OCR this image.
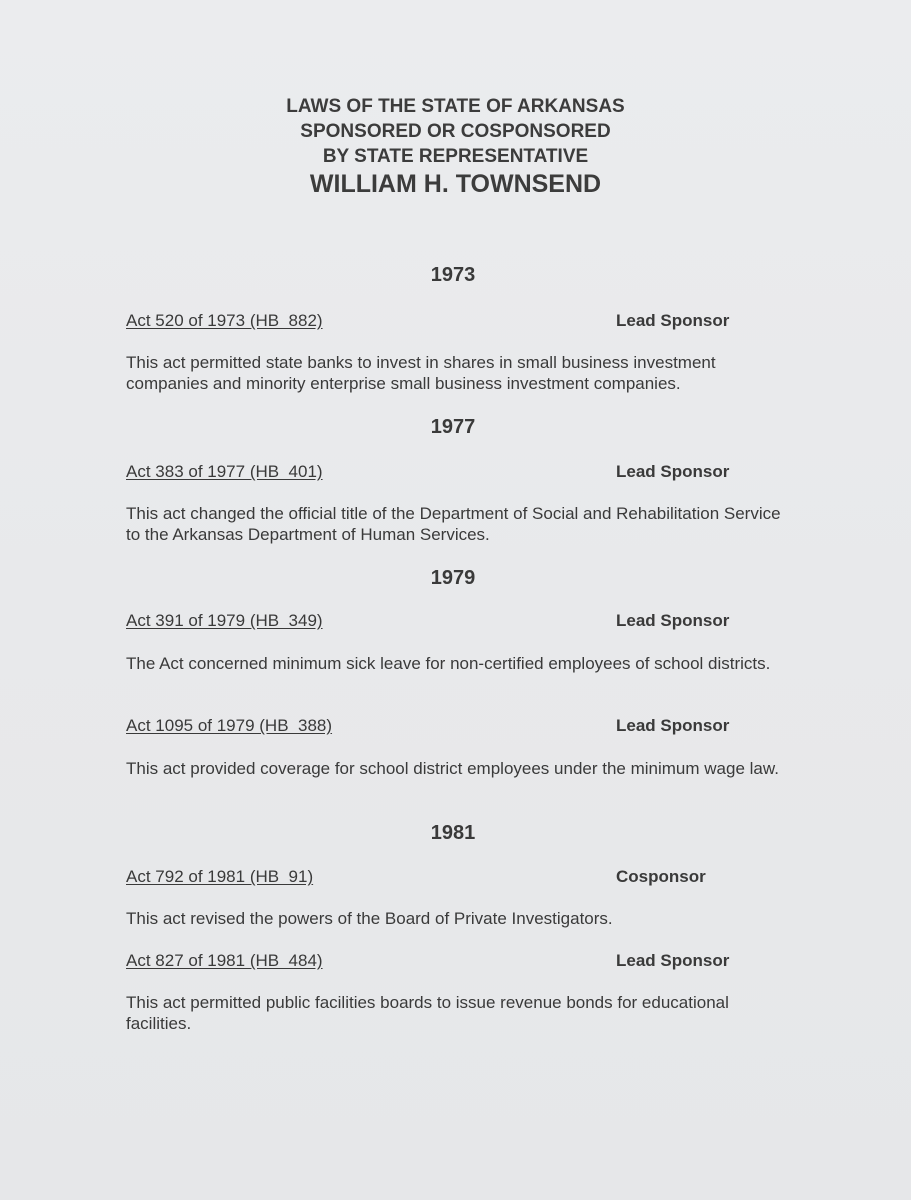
LAWS OF THE STATE OF ARKANSAS
SPONSORED OR COSPONSORED
BY STATE REPRESENTATIVE
WILLIAM H. TOWNSEND
1973
Act 520 of 1973 (HB  882)	Lead Sponsor
This act permitted state banks to invest in shares in small business investment companies and minority enterprise small business investment companies.
1977
Act 383 of 1977 (HB  401)	Lead Sponsor
This act changed the official title of the Department of Social and Rehabilitation Service to the Arkansas Department of Human Services.
1979
Act 391 of 1979 (HB  349)	Lead Sponsor
The Act concerned minimum sick leave for non-certified employees of school districts.
Act 1095 of 1979 (HB  388)	Lead Sponsor
This act provided coverage for school district employees under the minimum wage law.
1981
Act 792 of 1981 (HB  91)	Cosponsor
This act revised the powers of the Board of Private Investigators.
Act 827 of 1981 (HB  484)	Lead Sponsor
This act permitted public facilities boards to issue revenue bonds for educational facilities.
